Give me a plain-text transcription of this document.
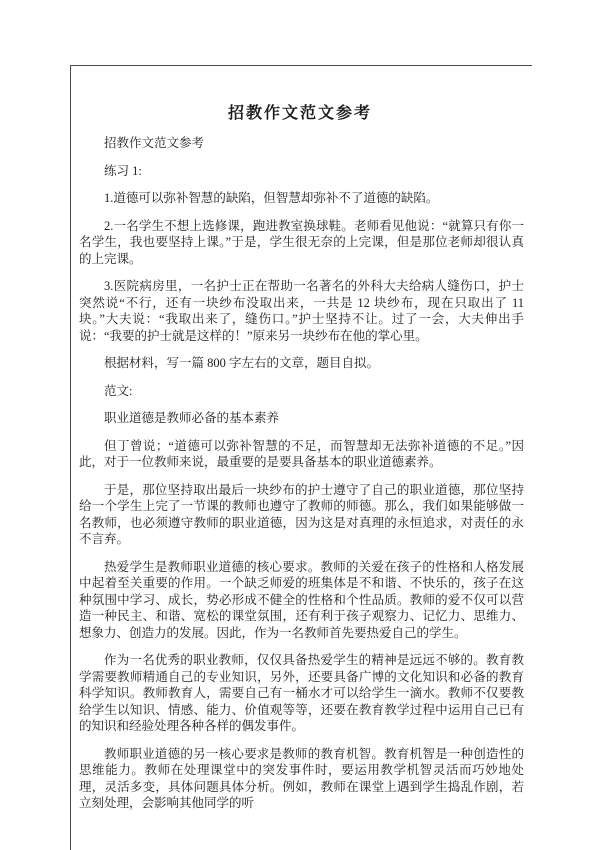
招教作文范文参考

招教作文范文参考

练习 1:

1.道德可以弥补智慧的缺陷，但智慧却弥补不了道德的缺陷。

2.一名学生不想上选修课，跑进教室换球鞋。老师看见他说：“就算只有你一名学生，我也要坚持上课。”于是，学生很无奈的上完课，但是那位老师却很认真的上完课。

3.医院病房里，一名护士正在帮助一名著名的外科大夫给病人缝伤口，护士突然说“不行，还有一块纱布没取出来，一共是 12 块纱布，现在只取出了 11 块。”大夫说：“我取出来了，缝伤口。”护士坚持不让。过了一会，大夫伸出手说：“我要的护士就是这样的！”原来另一块纱布在他的掌心里。

根据材料，写一篇 800 字左右的文章，题目自拟。

范文:

职业道德是教师必备的基本素养

但丁曾说；“道德可以弥补智慧的不足，而智慧却无法弥补道德的不足。”因此，对于一位教师来说，最重要的是要具备基本的职业道德素养。

于是，那位坚持取出最后一块纱布的护士遵守了自己的职业道德，那位坚持给一个学生上完了一节课的教师也遵守了教师的师德。那么，我们如果能够做一名教师，也必须遵守教师的职业道德，因为这是对真理的永恒追求，对责任的永不言弃。

热爱学生是教师职业道德的核心要求。教师的关爱在孩子的性格和人格发展中起着至关重要的作用。一个缺乏师爱的班集体是不和谐、不快乐的，孩子在这种氛围中学习、成长，势必形成不健全的性格和个性品质。教师的爱不仅可以营造一种民主、和谐、宽松的课堂氛围，还有利于孩子观察力、记忆力、思维力、想象力、创造力的发展。因此，作为一名教师首先要热爱自己的学生。

作为一名优秀的职业教师，仅仅具备热爱学生的精神是远远不够的。教育教学需要教师精通自己的专业知识，另外，还要具备广博的文化知识和必备的教育科学知识。教师教育人，需要自己有一桶水才可以给学生一滴水。教师不仅要教给学生以知识、情感、能力、价值观等等，还要在教育教学过程中运用自己已有的知识和经验处理各种各样的偶发事件。

教师职业道德的另一核心要求是教师的教育机智。教育机智是一种创造性的思维能力。教师在处理课堂中的突发事件时，要运用教学机智灵活而巧妙地处理，灵活多变，具体问题具体分析。例如，教师在课堂上遇到学生捣乱作剧，若立刻处理，会影响其他同学的听
